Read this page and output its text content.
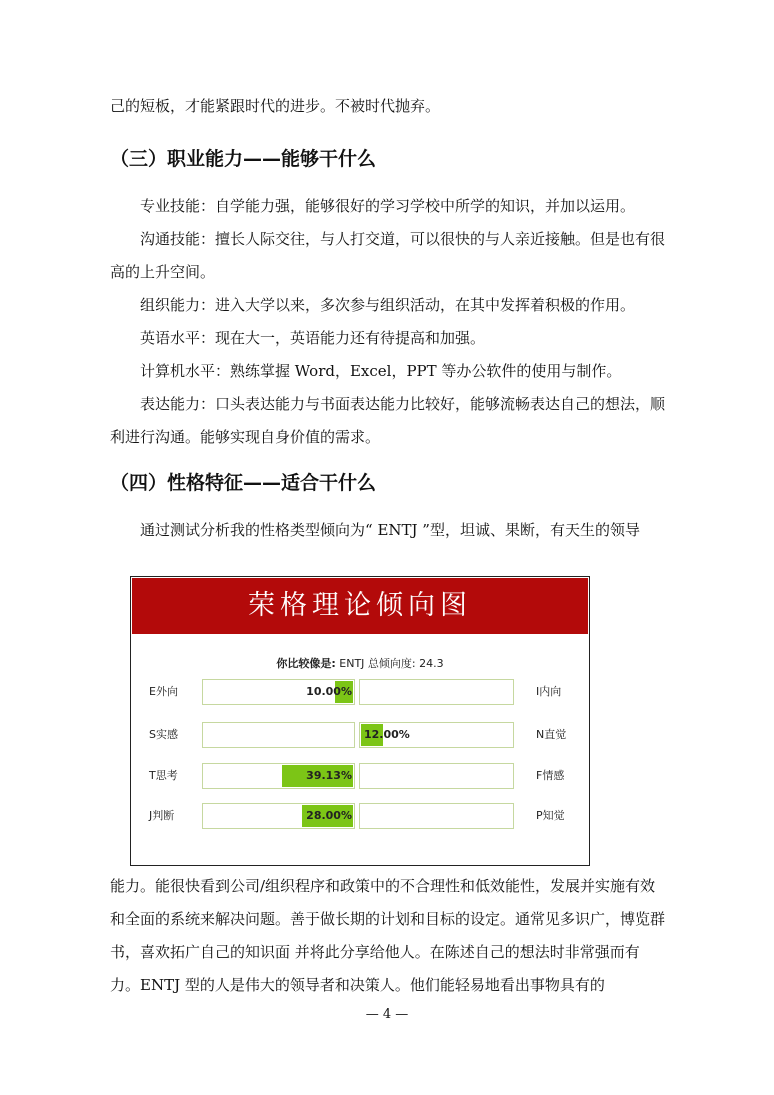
己的短板，才能紧跟时代的进步。不被时代抛弃。

（三）职业能力——能够干什么

专业技能：自学能力强，能够很好的学习学校中所学的知识，并加以运用。

沟通技能：擅长人际交往，与人打交道，可以很快的与人亲近接触。但是也有很高的上升空间。

组织能力：进入大学以来，多次参与组织活动，在其中发挥着积极的作用。

英语水平：现在大一，英语能力还有待提高和加强。

计算机水平：熟练掌握 Word，Excel，PPT 等办公软件的使用与制作。

表达能力：口头表达能力与书面表达能力比较好，能够流畅表达自己的想法，顺利进行沟通。能够实现自身价值的需求。

（四）性格特征——适合干什么

通过测试分析我的性格类型倾向为“ ENTJ ”型，坦诚、果断，有天生的领导

荣格理论倾向图
你比较像是: ENTJ 总倾向度: 24.3
E外向	I内向
10.00%
S实感	N直觉
12.00%
T思考	F情感
39.13%
J判断	P知觉
28.00%

能力。能很快看到公司/组织程序和政策中的不合理性和低效能性，发展并实施有效和全面的系统来解决问题。善于做长期的计划和目标的设定。通常见多识广，博览群书，喜欢拓广自己的知识面 并将此分享给他人。在陈述自己的想法时非常强而有力。ENTJ 型的人是伟大的领导者和决策人。他们能轻易地看出事物具有的

— 4 —
